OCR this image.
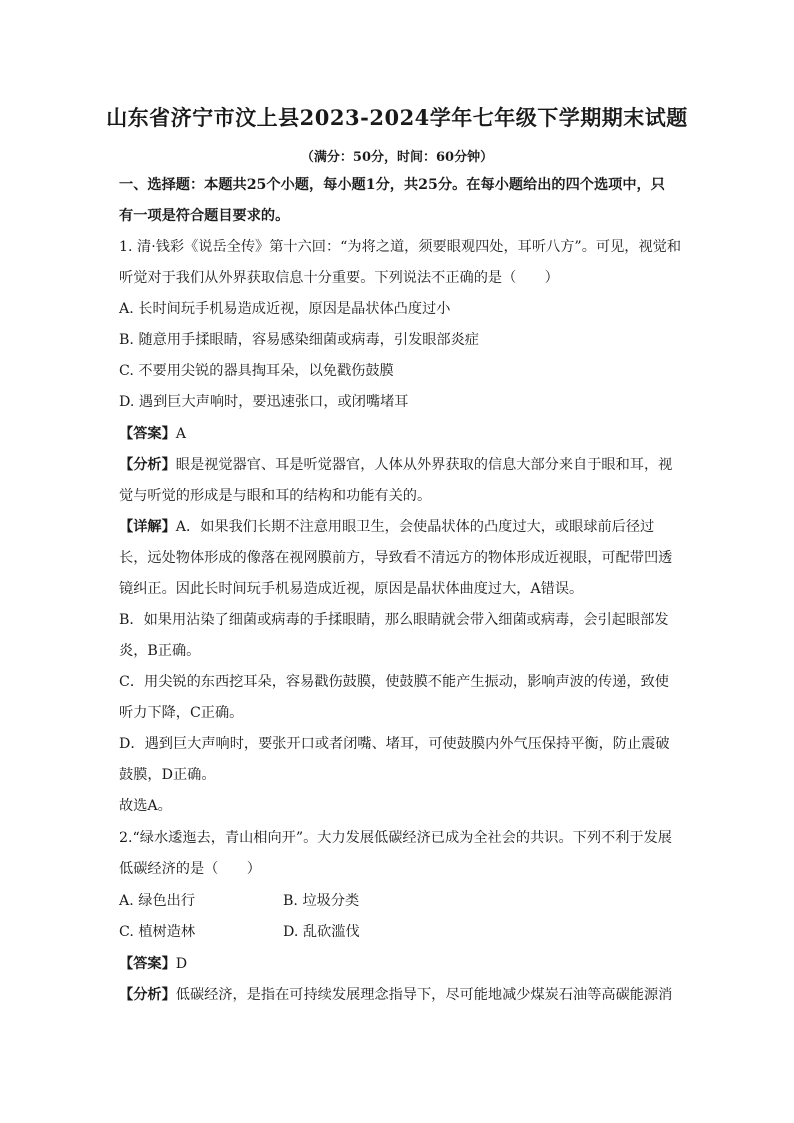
山东省济宁市汶上县2023-2024学年七年级下学期期末试题
（满分：50分，时间：60分钟）
一、选择题：本题共25个小题，每小题1分，共25分。在每小题给出的四个选项中，只
有一项是符合题目要求的。
1. 清·钱彩《说岳全传》第十六回：“为将之道，须要眼观四处，耳听八方”。可见，视觉和
听觉对于我们从外界获取信息十分重要。下列说法不正确的是（　　）
A. 长时间玩手机易造成近视，原因是晶状体凸度过小
B. 随意用手揉眼睛，容易感染细菌或病毒，引发眼部炎症
C. 不要用尖锐的器具掏耳朵，以免戳伤鼓膜
D. 遇到巨大声响时，要迅速张口，或闭嘴堵耳
【答案】A
【分析】眼是视觉器官、耳是听觉器官，人体从外界获取的信息大部分来自于眼和耳，视
觉与听觉的形成是与眼和耳的结构和功能有关的。
【详解】A．如果我们长期不注意用眼卫生，会使晶状体的凸度过大，或眼球前后径过
长，远处物体形成的像落在视网膜前方，导致看不清远方的物体形成近视眼，可配带凹透
镜纠正。因此长时间玩手机易造成近视，原因是晶状体曲度过大，A错误。
B．如果用沾染了细菌或病毒的手揉眼睛，那么眼睛就会带入细菌或病毒，会引起眼部发
炎，B正确。
C．用尖锐的东西挖耳朵，容易戳伤鼓膜，使鼓膜不能产生振动，影响声波的传递，致使
听力下降，C正确。
D．遇到巨大声响时，要张开口或者闭嘴、堵耳，可使鼓膜内外气压保持平衡，防止震破
鼓膜，D正确。
故选A。
2.“绿水逶迤去，青山相向开”。大力发展低碳经济已成为全社会的共识。下列不利于发展
低碳经济的是（　　）
A. 绿色出行	B. 垃圾分类
C. 植树造林	D. 乱砍滥伐
【答案】D
【分析】低碳经济，是指在可持续发展理念指导下，尽可能地减少煤炭石油等高碳能源消
